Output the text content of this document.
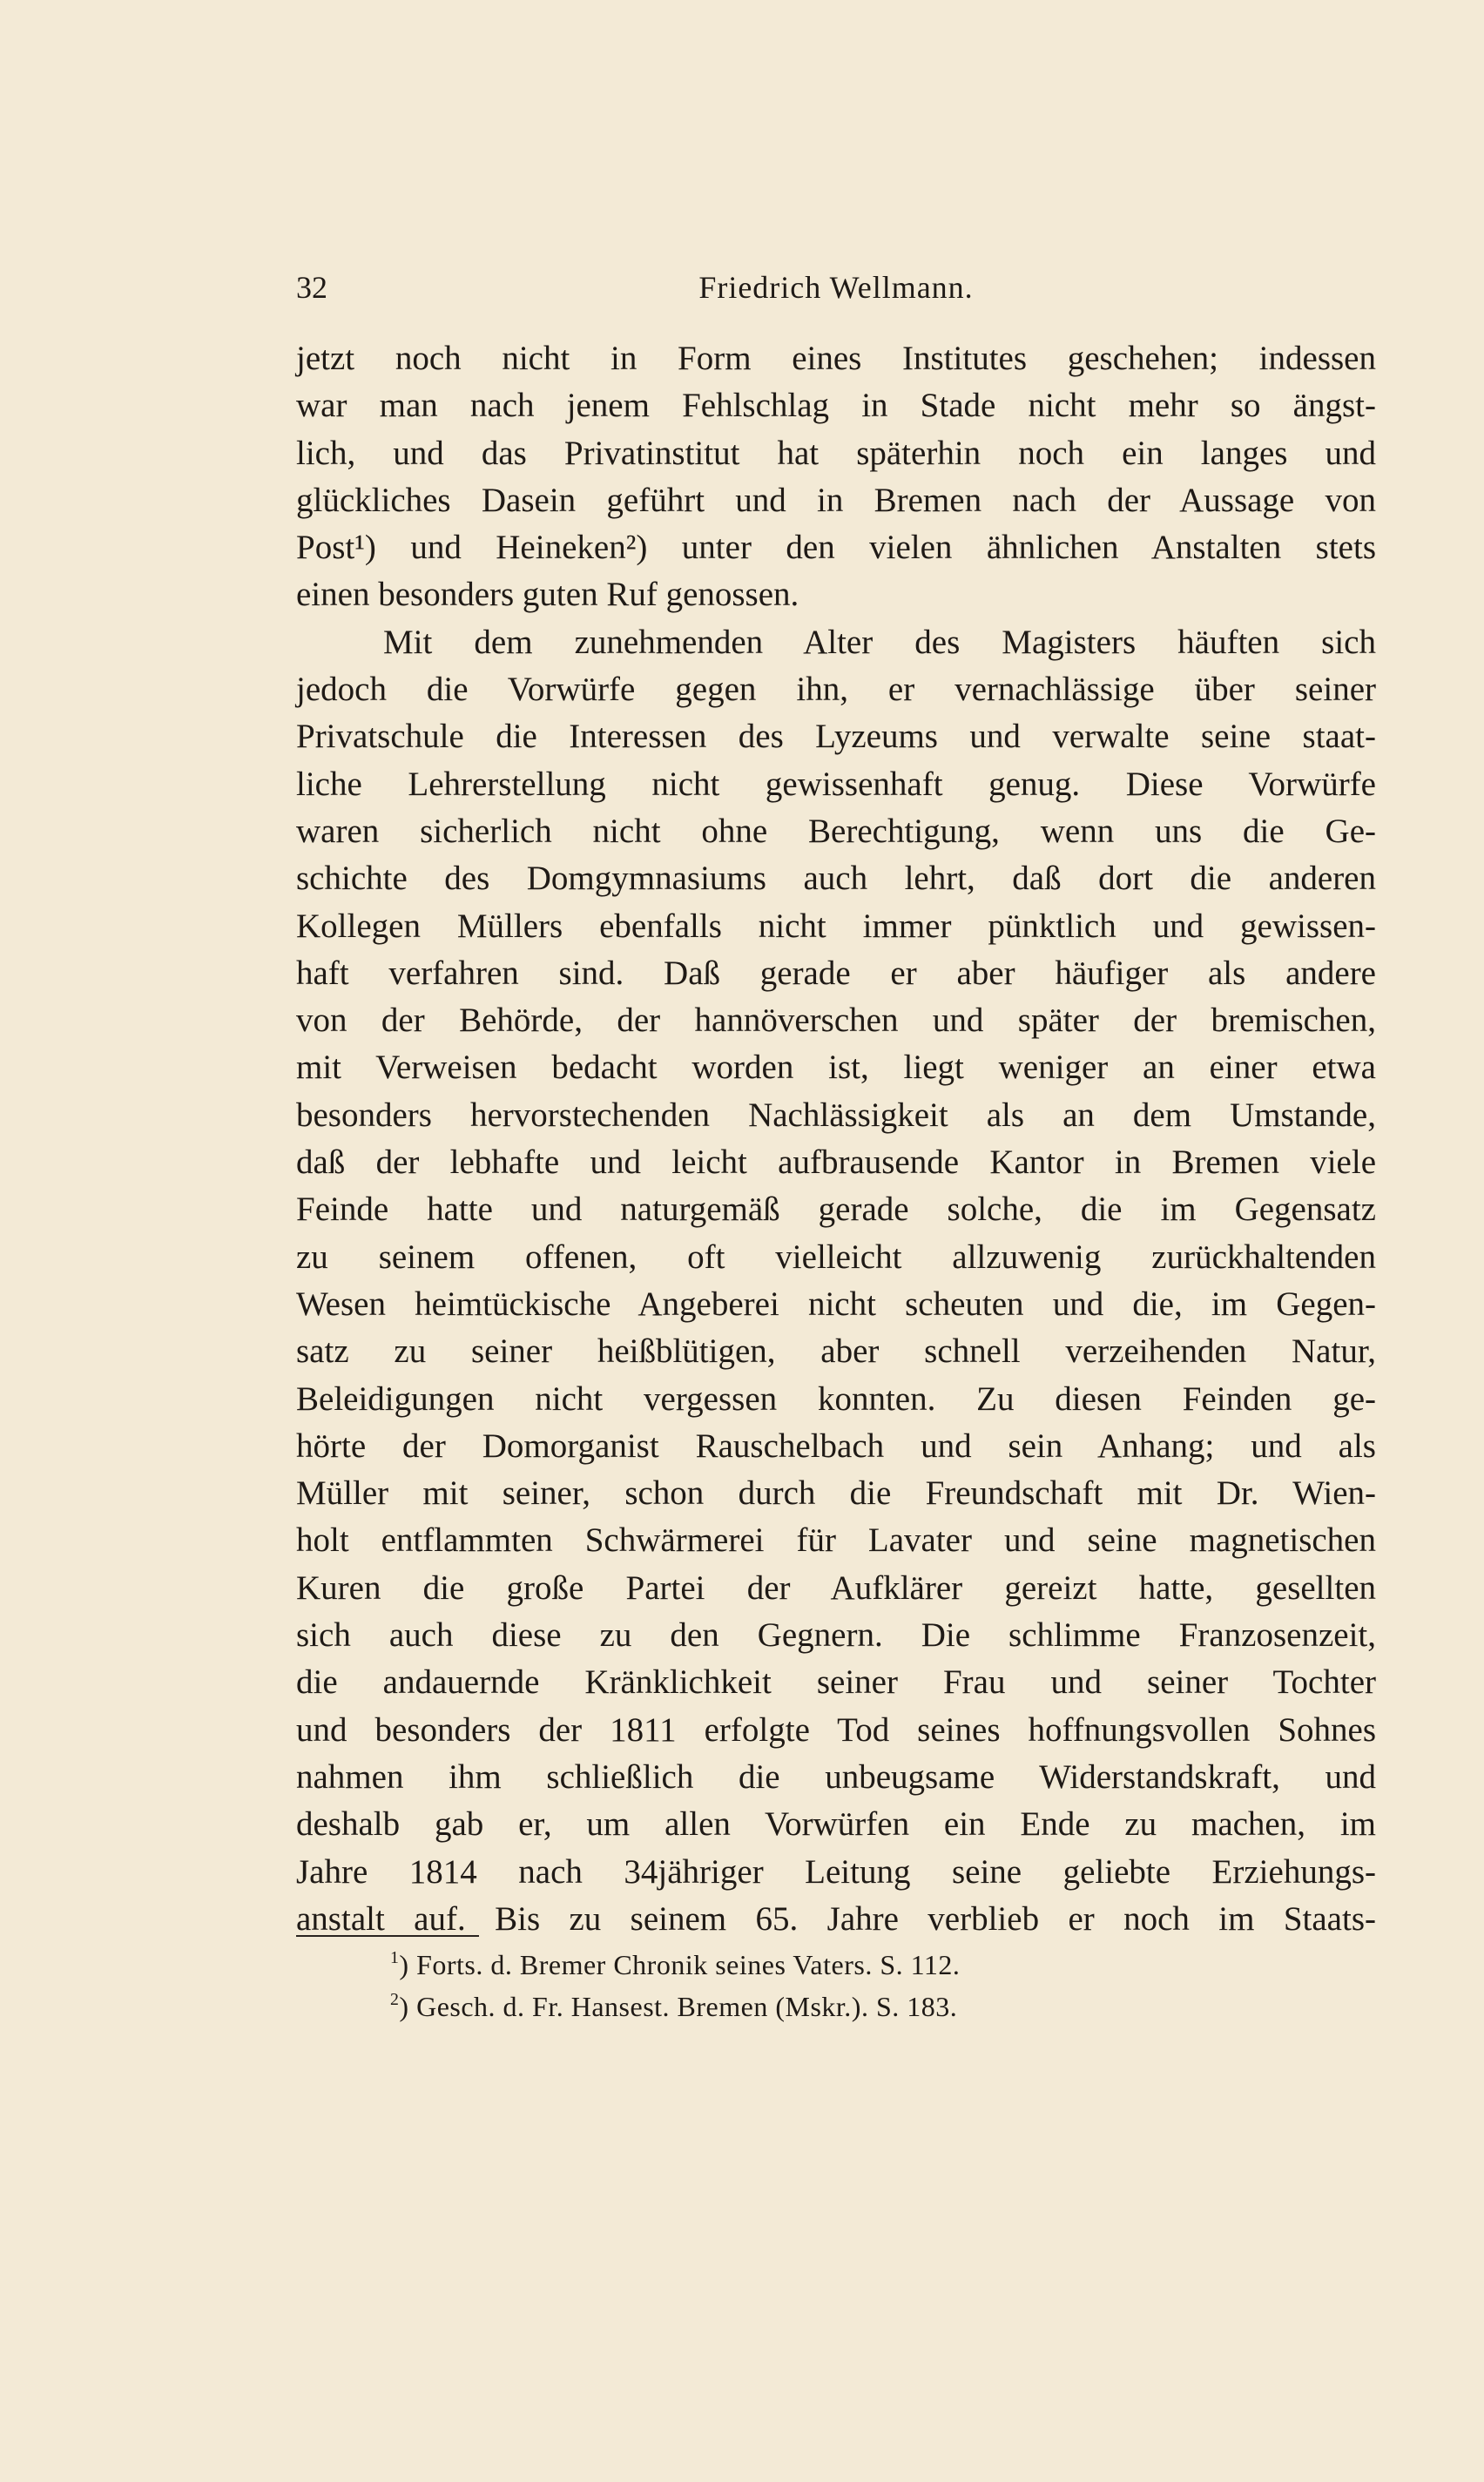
32	Friedrich Wellmann.
jetzt noch nicht in Form eines Institutes geschehen; indessen
war man nach jenem Fehlschlag in Stade nicht mehr so ängst-
lich, und das Privatinstitut hat späterhin noch ein langes und
glückliches Dasein geführt und in Bremen nach der Aussage von
Post¹) und Heineken²) unter den vielen ähnlichen Anstalten stets
einen besonders guten Ruf genossen.
Mit dem zunehmenden Alter des Magisters häuften sich
jedoch die Vorwürfe gegen ihn, er vernachlässige über seiner
Privatschule die Interessen des Lyzeums und verwalte seine staat-
liche Lehrerstellung nicht gewissenhaft genug. Diese Vorwürfe
waren sicherlich nicht ohne Berechtigung, wenn uns die Ge-
schichte des Domgymnasiums auch lehrt, daß dort die anderen
Kollegen Müllers ebenfalls nicht immer pünktlich und gewissen-
haft verfahren sind. Daß gerade er aber häufiger als andere
von der Behörde, der hannöverschen und später der bremischen,
mit Verweisen bedacht worden ist, liegt weniger an einer etwa
besonders hervorstechenden Nachlässigkeit als an dem Umstande,
daß der lebhafte und leicht aufbrausende Kantor in Bremen viele
Feinde hatte und naturgemäß gerade solche, die im Gegensatz
zu seinem offenen, oft vielleicht allzuwenig zurückhaltenden
Wesen heimtückische Angeberei nicht scheuten und die, im Gegen-
satz zu seiner heißblütigen, aber schnell verzeihenden Natur,
Beleidigungen nicht vergessen konnten. Zu diesen Feinden ge-
hörte der Domorganist Rauschelbach und sein Anhang; und als
Müller mit seiner, schon durch die Freundschaft mit Dr. Wien-
holt entflammten Schwärmerei für Lavater und seine magnetischen
Kuren die große Partei der Aufklärer gereizt hatte, gesellten
sich auch diese zu den Gegnern. Die schlimme Franzosenzeit,
die andauernde Kränklichkeit seiner Frau und seiner Tochter
und besonders der 1811 erfolgte Tod seines hoffnungsvollen Sohnes
nahmen ihm schließlich die unbeugsame Widerstandskraft, und
deshalb gab er, um allen Vorwürfen ein Ende zu machen, im
Jahre 1814 nach 34jähriger Leitung seine geliebte Erziehungs-
anstalt auf. Bis zu seinem 65. Jahre verblieb er noch im Staats-
$^1$) Forts. d. Bremer Chronik seines Vaters. S. 112.
$^2$) Gesch. d. Fr. Hansest. Bremen (Mskr.). S. 183.
